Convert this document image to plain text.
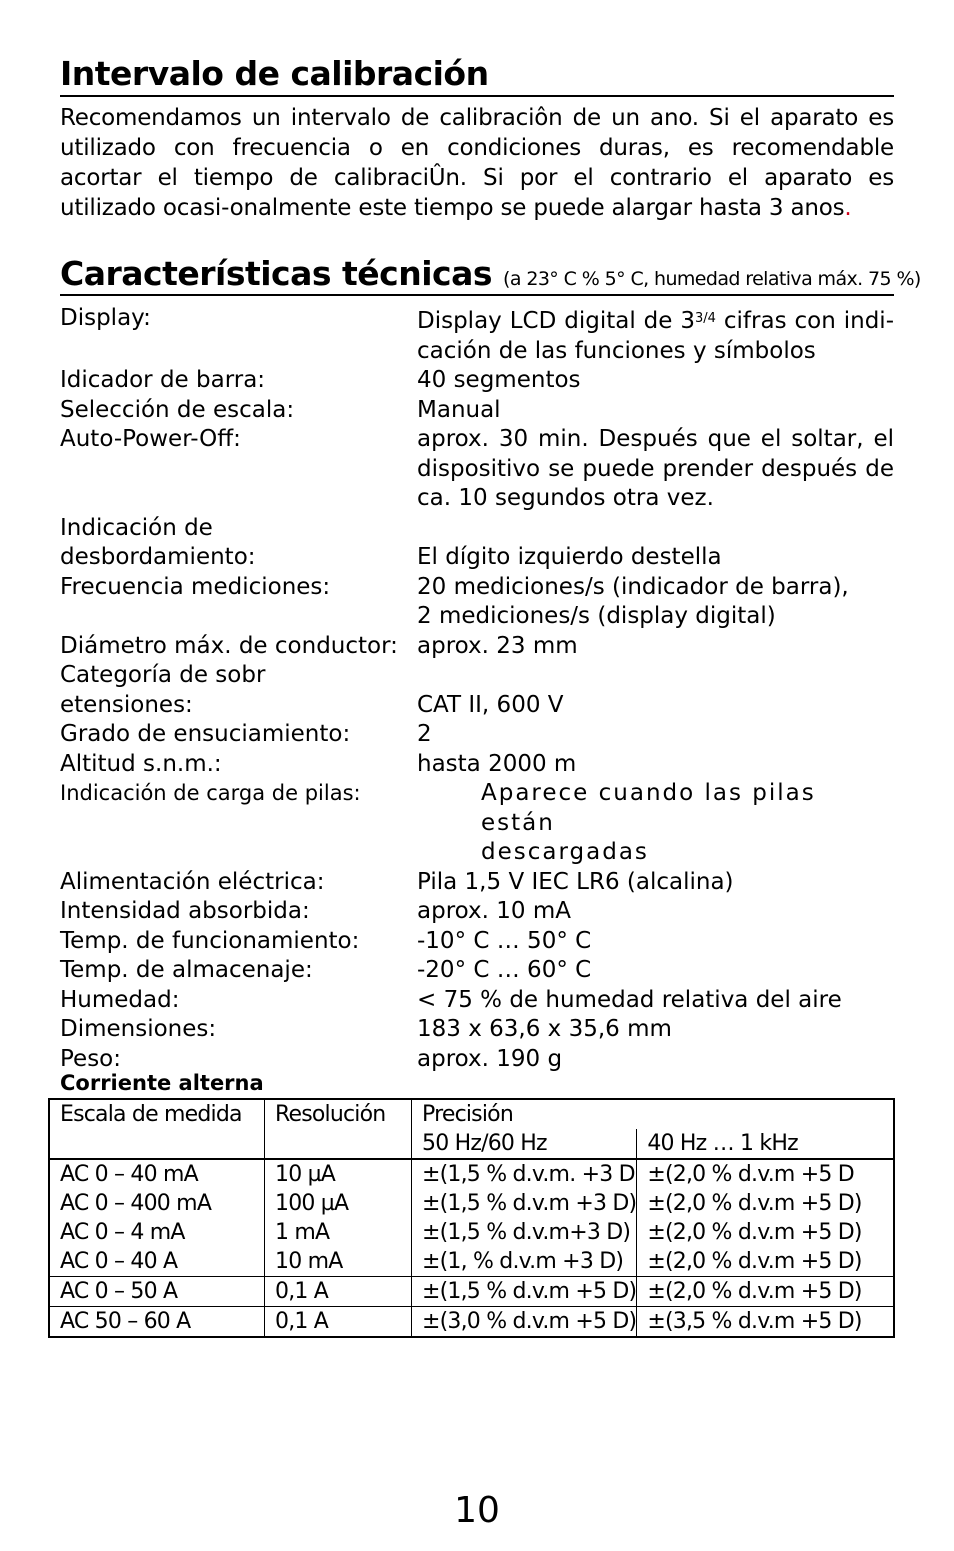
Intervalo de calibración

Recomendamos un intervalo de calibraciôn de un ano. Si el aparato es utilizado con frecuencia o en condiciones duras, es recomendable acortar el tiempo de calibraciÛn. Si por el contrario el aparato es utilizado ocasi-onalmente este tiempo se puede alargar hasta 3 anos.

Características técnicas (a 23° C % 5° C, humedad relativa máx. 75 %)
Display:	Display LCD digital de $3^{3/4}$ cifras con indi-cación de las funciones y símbolos
Idicador de barra:	40 segmentos
Selección de escala:	Manual
Auto-Power-Off:	aprox. 30 min. Después que el soltar, el dispositivo se puede prender después de ca. 10 segundos otra vez.
Indicación de
desbordamiento:
	El dígito izquierdo destella
Frecuencia mediciones:	20 mediciones/s (indicador de barra),
2 mediciones/s (display digital)
Diámetro máx. de conductor: aprox. 23 mm
Categoría de sobr
etensiones:
	CAT II, 600 V
Grado de ensuciamiento:	2
Altitud s.n.m.:	hasta 2000 m
Indicación de carga de pilas:	Aparece cuando las pilas están
descargadas
Alimentación eléctrica:	Pila 1,5 V IEC LR6 (alcalina)
Intensidad absorbida:	aprox. 10 mA
Temp. de funcionamiento:	-10° C … 50° C
Temp. de almacenaje:	-20° C … 60° C
Humedad:	< 75 % de humedad relativa del aire
Dimensiones:	183 x 63,6 x 35,6 mm
Peso:	aprox. 190 g
Corriente alterna
Escala de medida	Resolución	Precisión	
		50 Hz/60 Hz	40 Hz … 1 kHz
AC 0 – 40 mA	10 µA	±(1,5 % d.v.m. +3 D	±(2,0 % d.v.m +5 D
AC 0 – 400 mA	100 µA	±(1,5 % d.v.m +3 D)	±(2,0 % d.v.m +5 D)
AC 0 – 4 mA	1 mA	±(1,5 % d.v.m+3 D)	±(2,0 % d.v.m +5 D)
AC 0 – 40 A	10 mA	±(1, % d.v.m +3 D)	±(2,0 % d.v.m +5 D)
AC 0 – 50 A	0,1 A	±(1,5 % d.v.m +5 D)	±(2,0 % d.v.m +5 D)
AC 50 – 60 A	0,1 A	±(3,0 % d.v.m +5 D)	±(3,5 % d.v.m +5 D)
10
